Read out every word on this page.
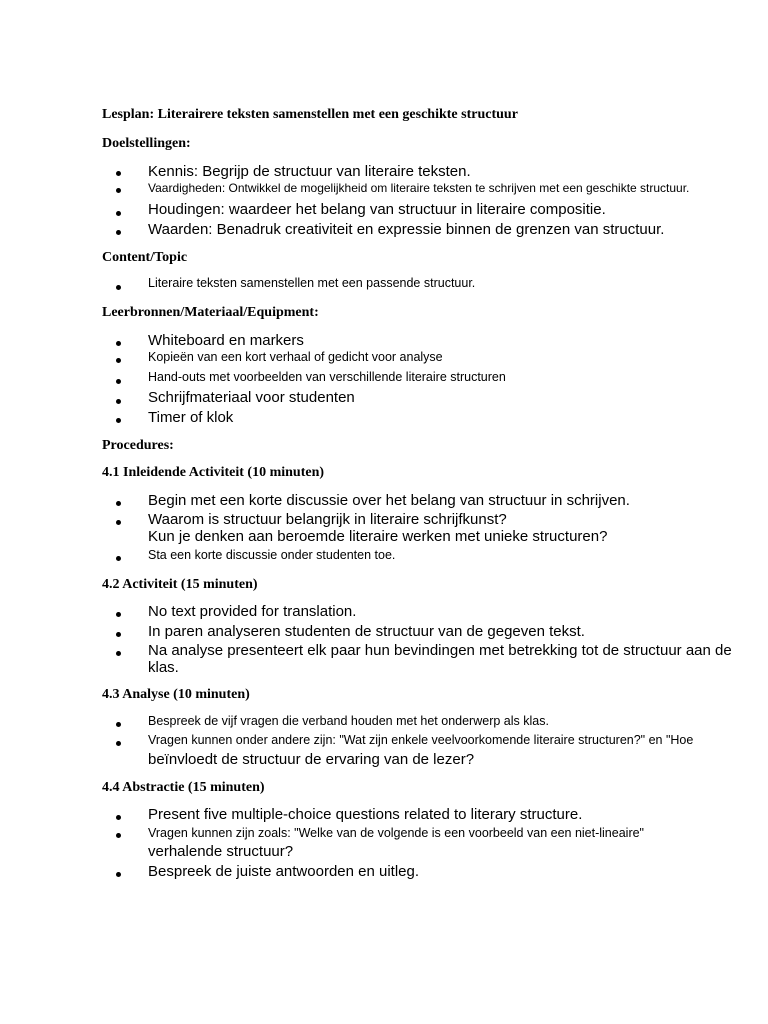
Lesplan: Literairere teksten samenstellen met een geschikte structuur
Doelstellingen:
Kennis: Begrijp de structuur van literaire teksten.
Vaardigheden: Ontwikkel de mogelijkheid om literaire teksten te schrijven met een geschikte structuur.
Houdingen: waardeer het belang van structuur in literaire compositie.
Waarden: Benadruk creativiteit en expressie binnen de grenzen van structuur.
Content/Topic
Literaire teksten samenstellen met een passende structuur.
Leerbronnen/Materiaal/Equipment:
Whiteboard en markers
Kopieën van een kort verhaal of gedicht voor analyse
Hand-outs met voorbeelden van verschillende literaire structuren
Schrijfmateriaal voor studenten
Timer of klok
Procedures:
4.1 Inleidende Activiteit (10 minuten)
Begin met een korte discussie over het belang van structuur in schrijven.
Waarom is structuur belangrijk in literaire schrijfkunst?
Kun je denken aan beroemde literaire werken met unieke structuren?
Sta een korte discussie onder studenten toe.
4.2 Activiteit (15 minuten)
No text provided for translation.
In paren analyseren studenten de structuur van de gegeven tekst.
Na analyse presenteert elk paar hun bevindingen met betrekking tot de structuur aan de
klas.
4.3 Analyse (10 minuten)
Bespreek de vijf vragen die verband houden met het onderwerp als klas.
Vragen kunnen onder andere zijn: "Wat zijn enkele veelvoorkomende literaire structuren?" en "Hoe
beïnvloedt de structuur de ervaring van de lezer?
4.4 Abstractie (15 minuten)
Present five multiple-choice questions related to literary structure.
Vragen kunnen zijn zoals: "Welke van de volgende is een voorbeeld van een niet-lineaire"
verhalende structuur?
Bespreek de juiste antwoorden en uitleg.
